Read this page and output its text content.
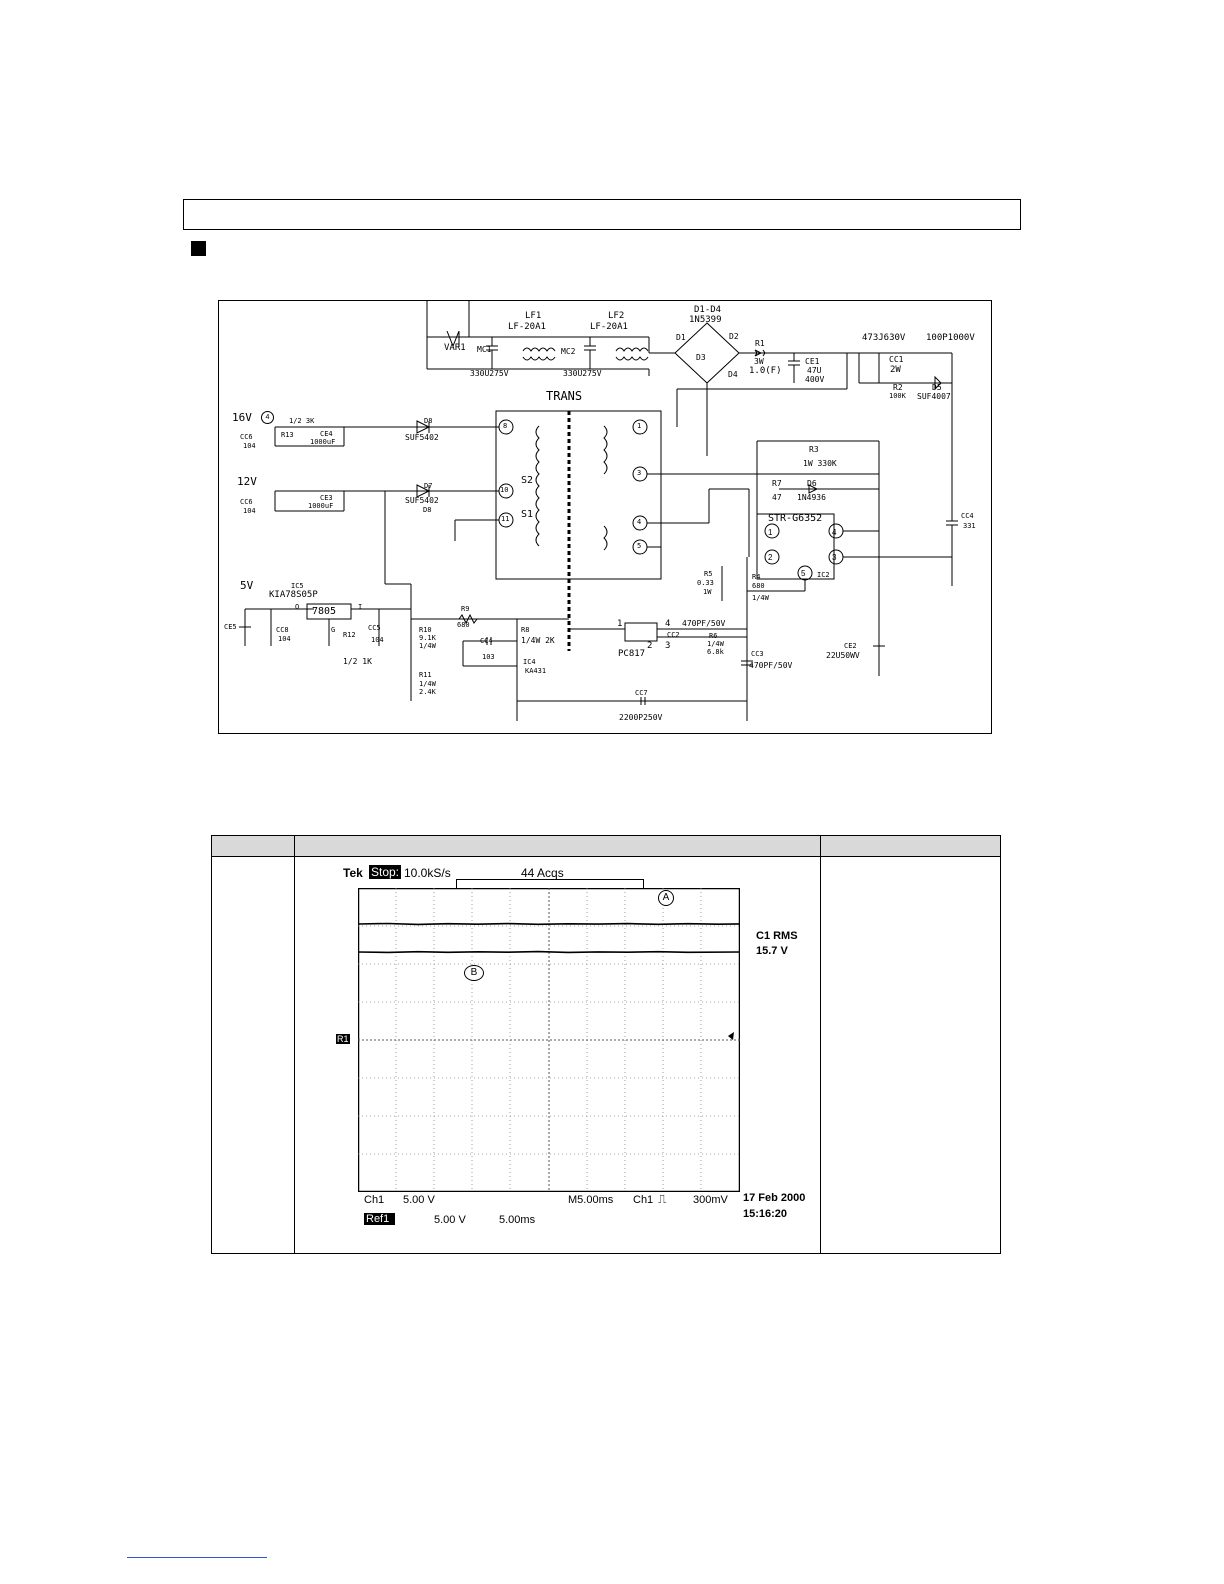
VAR1 MC1
330U275V
MC2
330U275V
LF1
LF-20A1
LF2
LF-20A1
D1-D4
1N5399
D1	D2
D3
D4
R1
3W
1.0(F)
CE1
47U
400V
473J630V 100P1000V
CC1
2W
R2
100K
D5
SUF4007
TRANS
8
10
11
1
3
4
5
S1
S2
16V	4
12V
5V
R13
1/2 3K
CC6
104
CE4
1000uF
D8
SUF5402
CC6
104
CE3
1000uF
D7
SUF5402
D8
R3
1W 330K
R7
47
D6
1N4936
STR-G6352
IC2
CC4
331
R5
0.33
1W
R4
680
1/4W
CE2
22U50WV
IC5
KIA78S05P
7805
O	I
G
CE5	CC8
104	R12
1/2 1K
CC5
104
R10
9.1K
1/4W
R9
680
R8
1/4W 2K
CC4
103
IC4
KA431
R11
1/4W
2.4K
PC817
1
2 3
4
CC2
470PF/50V
R6
1/4W
6.8k	CC3
470PF/50V
CC7
2200P250V
1
2	3
4
5
Tek Stop: 10.0kS/s	44 Acqs
R1
A
B
C1 RMS
15.7 V
Ch1 5.00 V	M5.00ms Ch1 ⎍ 300mV 17 Feb 2000
15:16:20
Ref1	5.00 V	5.00ms
